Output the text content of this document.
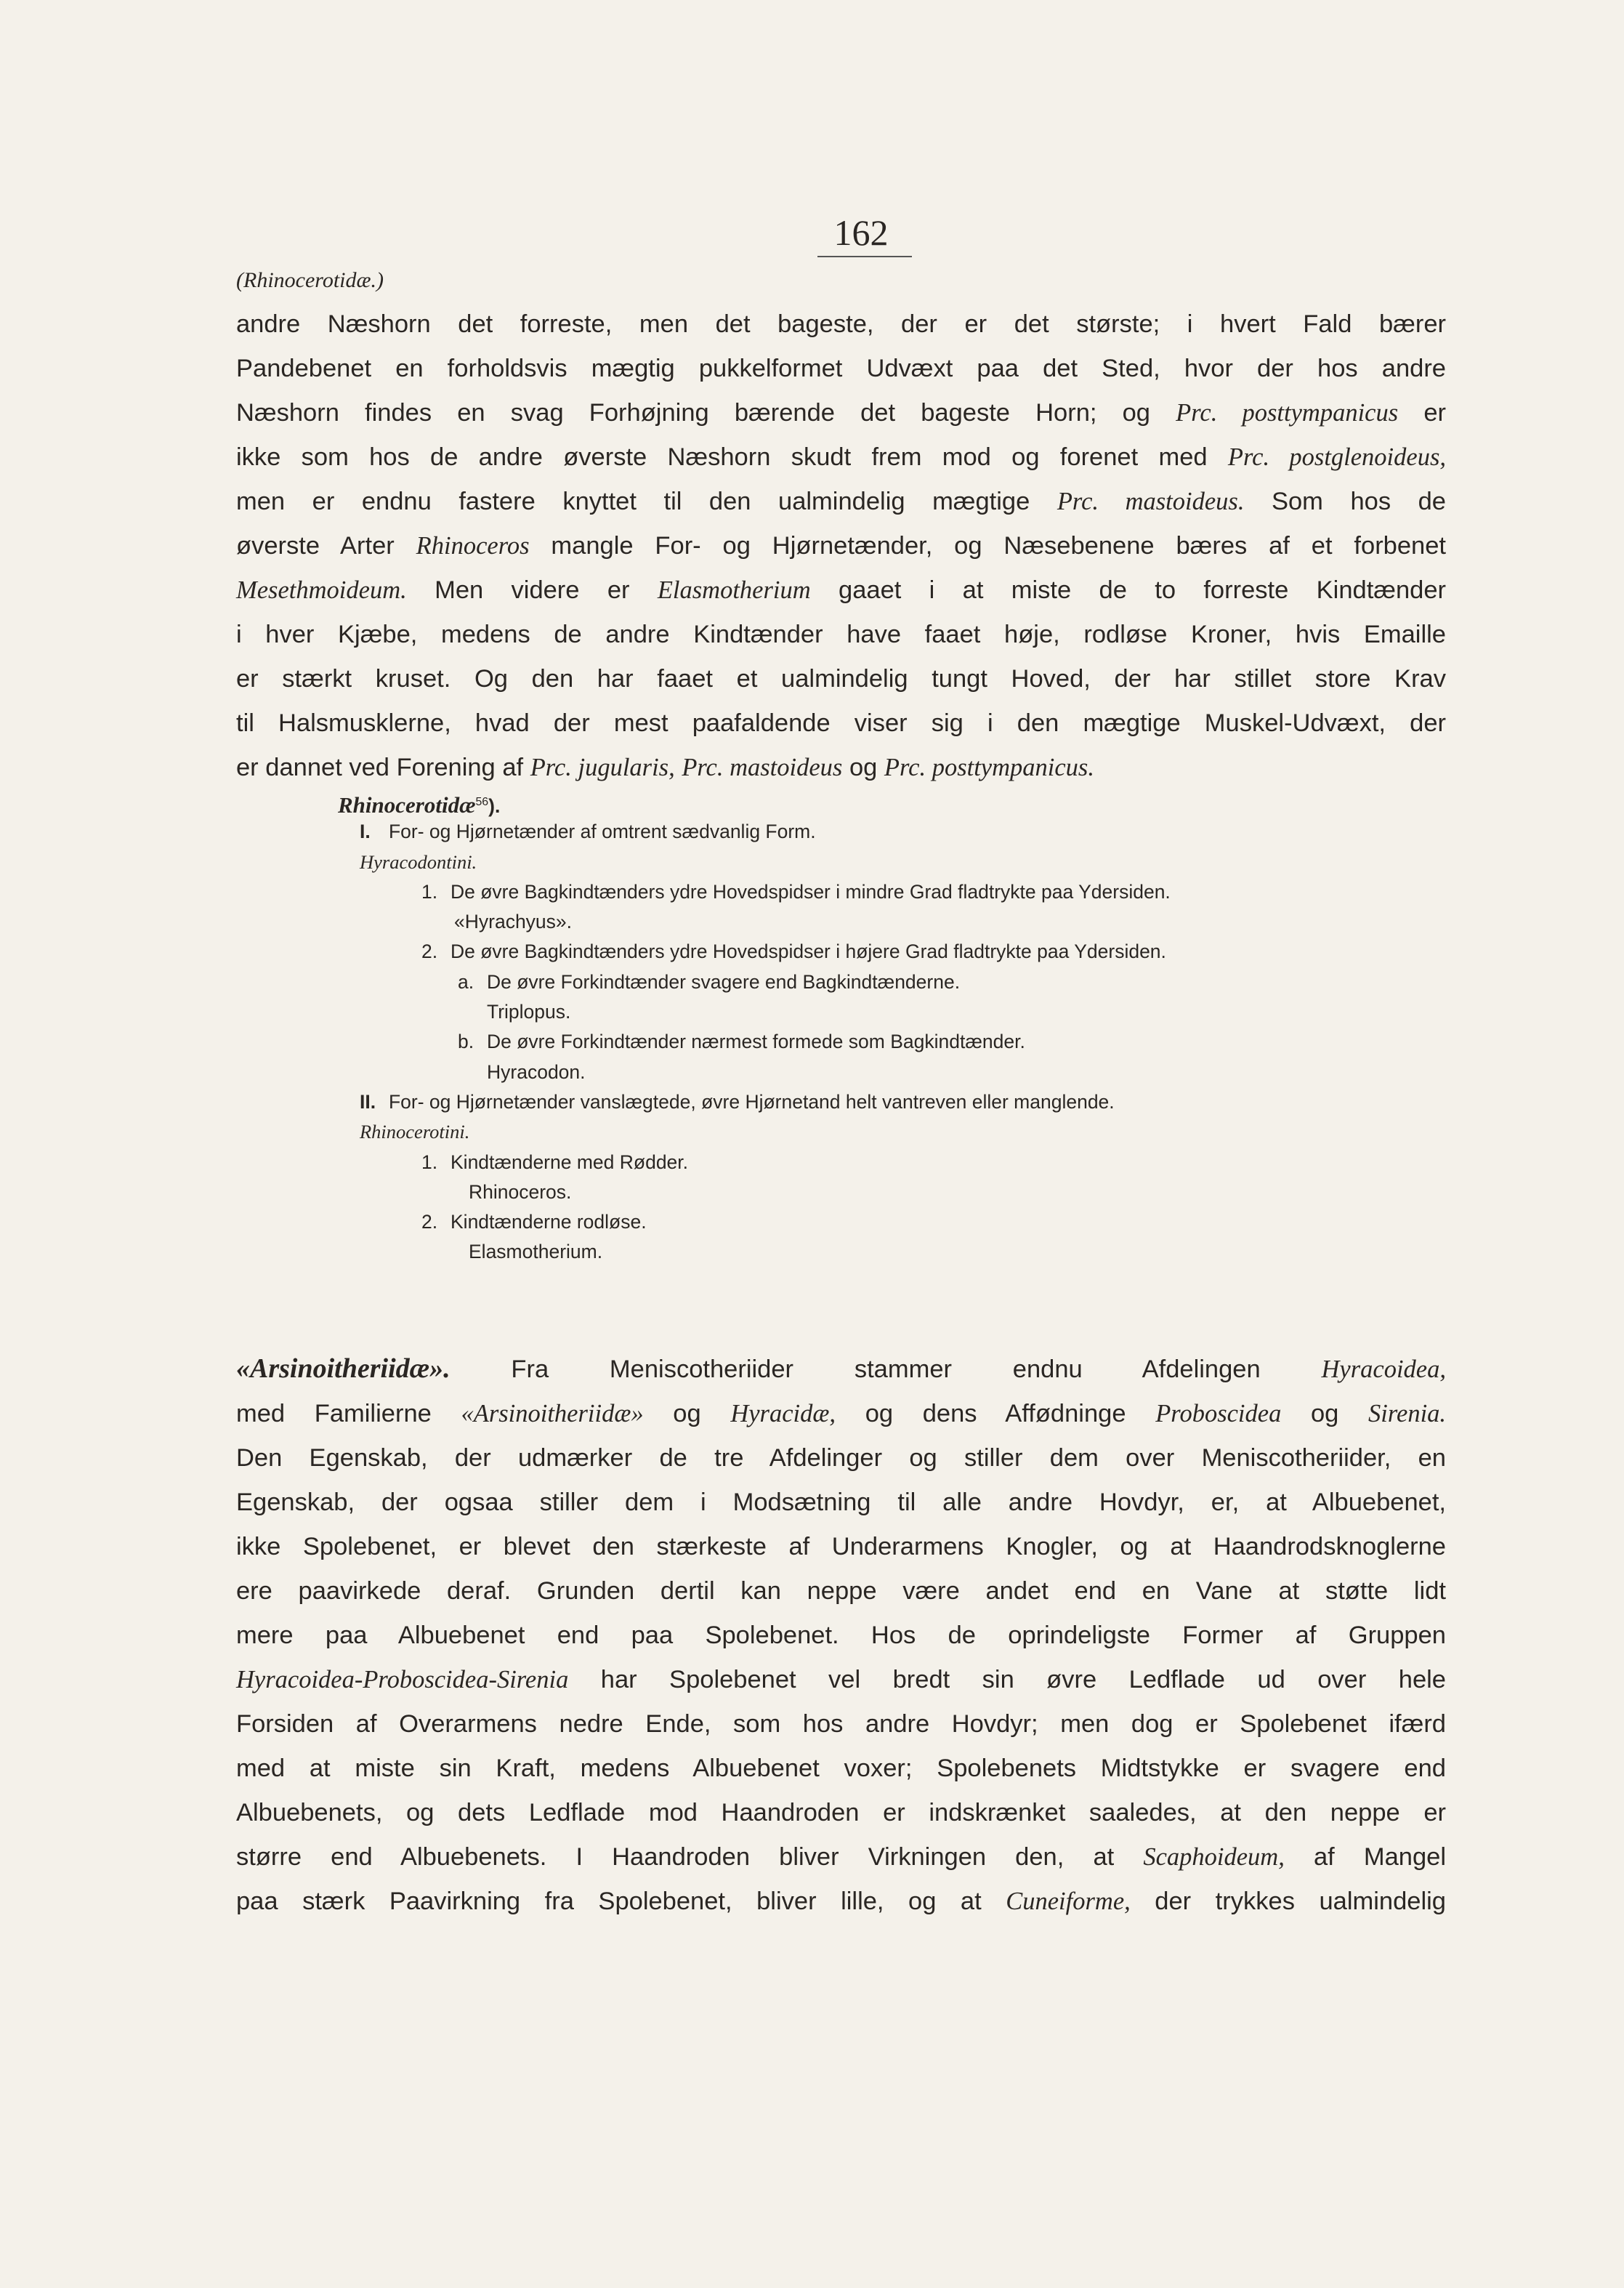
162
(Rhinocerotidæ.)
andre Næshorn det forreste, men det bageste, der er det største; i hvert Fald bærer
Pandebenet en forholdsvis mægtig pukkelformet Udvæxt paa det Sted, hvor der hos andre
Næshorn findes en svag Forhøjning bærende det bageste Horn; og Prc. posttympanicus er
ikke som hos de andre øverste Næshorn skudt frem mod og forenet med Prc. postglenoideus,
men er endnu fastere knyttet til den ualmindelig mægtige Prc. mastoideus. Som hos de
øverste Arter Rhinoceros mangle For- og Hjørnetænder, og Næsebenene bæres af et forbenet
Mesethmoideum. Men videre er Elasmotherium gaaet i at miste de to forreste Kindtænder
i hver Kjæbe, medens de andre Kindtænder have faaet høje, rodløse Kroner, hvis Emaille
er stærkt kruset. Og den har faaet et ualmindelig tungt Hoved, der har stillet store Krav
til Halsmusklerne, hvad der mest paafaldende viser sig i den mægtige Muskel-Udvæxt, der
er dannet ved Forening af Prc. jugularis, Prc. mastoideus og Prc. posttympanicus.
Rhinocerotidæ$^{56}$).
I. For- og Hjørnetænder af omtrent sædvanlig Form.
Hyracodontini.
1. De øvre Bagkindtænders ydre Hovedspidser i mindre Grad fladtrykte paa Ydersiden.
«Hyrachyus».
2. De øvre Bagkindtænders ydre Hovedspidser i højere Grad fladtrykte paa Ydersiden.
a. De øvre Forkindtænder svagere end Bagkindtænderne.
Triplopus.
b. De øvre Forkindtænder nærmest formede som Bagkindtænder.
Hyracodon.
II. For- og Hjørnetænder vanslægtede, øvre Hjørnetand helt vantreven eller manglende.
Rhinocerotini.
1. Kindtænderne med Rødder.
Rhinoceros.
2. Kindtænderne rodløse.
Elasmotherium.
«Arsinoitheriidæ». Fra Meniscotheriider stammer endnu Afdelingen Hyracoidea,
med Familierne «Arsinoitheriidæ» og Hyracidæ, og dens Affødninge Proboscidea og Sirenia.
Den Egenskab, der udmærker de tre Afdelinger og stiller dem over Meniscotheriider, en
Egenskab, der ogsaa stiller dem i Modsætning til alle andre Hovdyr, er, at Albuebenet,
ikke Spolebenet, er blevet den stærkeste af Underarmens Knogler, og at Haandrodsknoglerne
ere paavirkede deraf. Grunden dertil kan neppe være andet end en Vane at støtte lidt
mere paa Albuebenet end paa Spolebenet. Hos de oprindeligste Former af Gruppen
Hyracoidea-Proboscidea-Sirenia har Spolebenet vel bredt sin øvre Ledflade ud over hele
Forsiden af Overarmens nedre Ende, som hos andre Hovdyr; men dog er Spolebenet ifærd
med at miste sin Kraft, medens Albuebenet voxer; Spolebenets Midtstykke er svagere end
Albuebenets, og dets Ledflade mod Haandroden er indskrænket saaledes, at den neppe er
større end Albuebenets. I Haandroden bliver Virkningen den, at Scaphoideum, af Mangel
paa stærk Paavirkning fra Spolebenet, bliver lille, og at Cuneiforme, der trykkes ualmindelig
